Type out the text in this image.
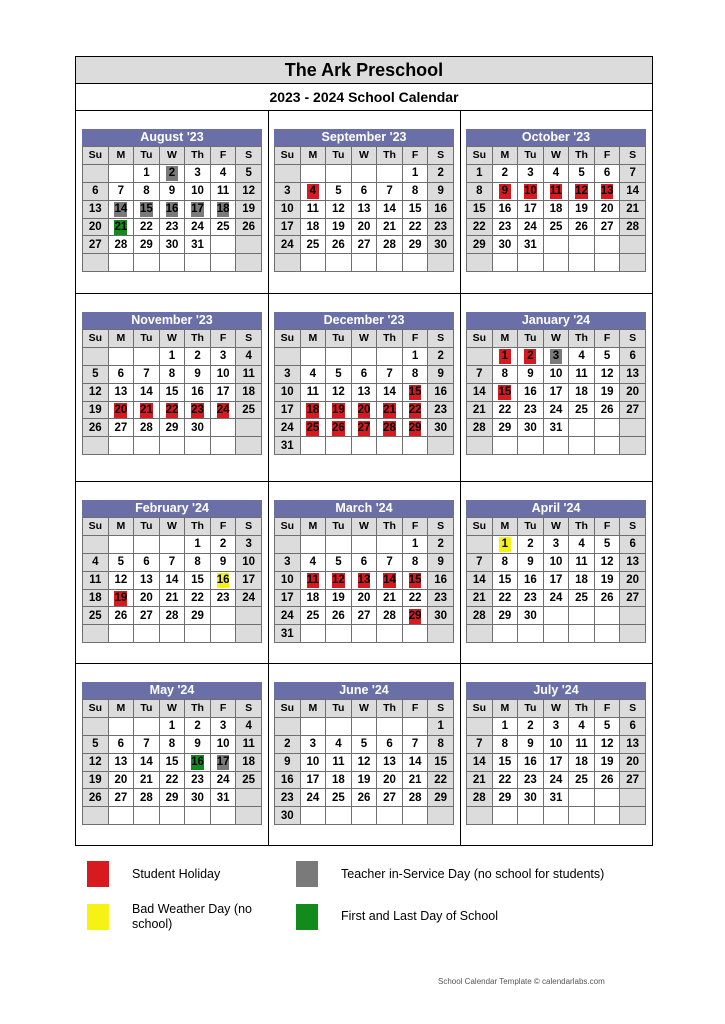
The Ark Preschool
2023 - 2024 School Calendar
August '23
Su	M	Tu	W	Th	F	S
		1	2	3	4	5
6	7	8	9	10	11	12
13	14	15	16	17	18	19
20	21	22	23	24	25	26
27	28	29	30	31		

September '23
Su	M	Tu	W	Th	F	S
					1	2
3	4	5	6	7	8	9
10	11	12	13	14	15	16
17	18	19	20	21	22	23
24	25	26	27	28	29	30

October '23
Su	M	Tu	W	Th	F	S
1	2	3	4	5	6	7
8	9	10	11	12	13	14
15	16	17	18	19	20	21
22	23	24	25	26	27	28
29	30	31				

November '23
Su	M	Tu	W	Th	F	S
			1	2	3	4
5	6	7	8	9	10	11
12	13	14	15	16	17	18
19	20	21	22	23	24	25
26	27	28	29	30		

December '23
Su	M	Tu	W	Th	F	S
					1	2
3	4	5	6	7	8	9
10	11	12	13	14	15	16
17	18	19	20	21	22	23
24	25	26	27	28	29	30
31						
January '24
Su	M	Tu	W	Th	F	S
	1	2	3	4	5	6
7	8	9	10	11	12	13
14	15	16	17	18	19	20
21	22	23	24	25	26	27
28	29	30	31			

February '24
Su	M	Tu	W	Th	F	S
				1	2	3
4	5	6	7	8	9	10
11	12	13	14	15	16	17
18	19	20	21	22	23	24
25	26	27	28	29		

March '24
Su	M	Tu	W	Th	F	S
					1	2
3	4	5	6	7	8	9
10	11	12	13	14	15	16
17	18	19	20	21	22	23
24	25	26	27	28	29	30
31						
April '24
Su	M	Tu	W	Th	F	S
	1	2	3	4	5	6
7	8	9	10	11	12	13
14	15	16	17	18	19	20
21	22	23	24	25	26	27
28	29	30				

May '24
Su	M	Tu	W	Th	F	S
			1	2	3	4
5	6	7	8	9	10	11
12	13	14	15	16	17	18
19	20	21	22	23	24	25
26	27	28	29	30	31	

June '24
Su	M	Tu	W	Th	F	S
						1
2	3	4	5	6	7	8
9	10	11	12	13	14	15
16	17	18	19	20	21	22
23	24	25	26	27	28	29
30						
July '24
Su	M	Tu	W	Th	F	S
	1	2	3	4	5	6
7	8	9	10	11	12	13
14	15	16	17	18	19	20
21	22	23	24	25	26	27
28	29	30	31			

Student Holiday	Teacher in-Service Day (no school for students)
Bad Weather Day (no school)
First and Last Day of School
School Calendar Template © calendarlabs.com
